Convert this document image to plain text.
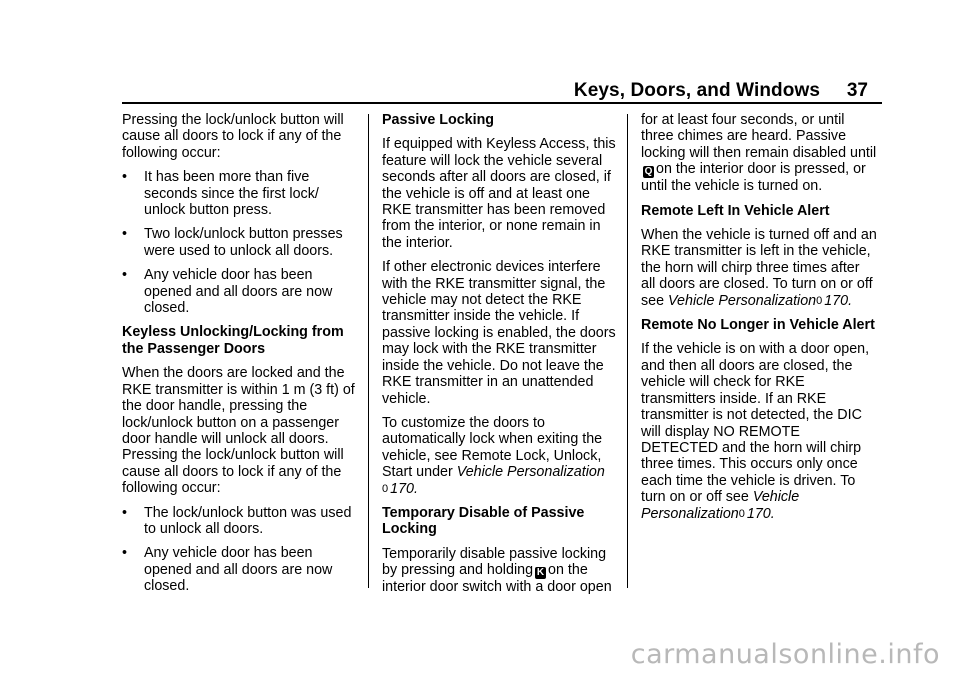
Keys, Doors, and Windows 37

Pressing the lock/unlock button will cause all doors to lock if any of the following occur:

•	It has been more than five seconds since the first lock/ unlock button press.
•	Two lock/unlock button presses were used to unlock all doors.
•	Any vehicle door has been opened and all doors are now closed.
Keyless Unlocking/Locking from the Passenger Doors

When the doors are locked and the RKE transmitter is within 1 m (3 ft) of the door handle, pressing the lock/unlock button on a passenger door handle will unlock all doors. Pressing the lock/unlock button will cause all doors to lock if any of the following occur:

•	The lock/unlock button was used to unlock all doors.
•	Any vehicle door has been opened and all doors are now closed.
Passive Locking

If equipped with Keyless Access, this feature will lock the vehicle several seconds after all doors are closed, if the vehicle is off and at least one RKE transmitter has been removed from the interior, or none remain in the interior.

If other electronic devices interfere with the RKE transmitter signal, the vehicle may not detect the RKE transmitter inside the vehicle. If passive locking is enabled, the doors may lock with the RKE transmitter inside the vehicle. Do not leave the RKE transmitter in an unattended vehicle.

To customize the doors to automatically lock when exiting the vehicle, see Remote Lock, Unlock, Start under Vehicle Personalization
0 170.

Temporary Disable of Passive Locking

Temporarily disable passive locking by pressing and holding K on the interior door switch with a door open

for at least four seconds, or until three chimes are heard. Passive locking will then remain disabled untilQ on the interior door is pressed, or until the vehicle is turned on.

Remote Left In Vehicle Alert

When the vehicle is turned off and an RKE transmitter is left in the vehicle, the horn will chirp three times after all doors are closed. To turn on or off see Vehicle Personalization0 170.

Remote No Longer in Vehicle Alert

If the vehicle is on with a door open, and then all doors are closed, the vehicle will check for RKE transmitters inside. If an RKE transmitter is not detected, the DIC will display NO REMOTE DETECTED and the horn will chirp three times. This occurs only once each time the vehicle is driven. To turn on or off see Vehicle Personalization0 170.

carmanualsonline.info
